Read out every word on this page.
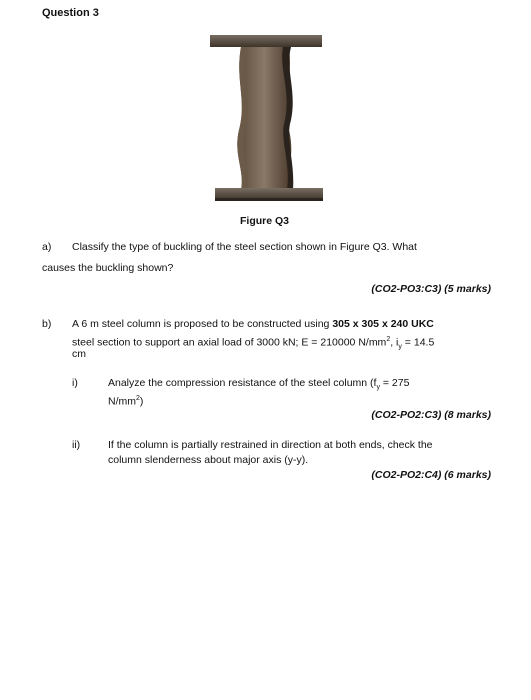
Question 3
Figure Q3
a) Classify the type of buckling of the steel section shown in Figure Q3. What
causes the buckling shown?
(CO2-PO3:C3) (5 marks)
b) A 6 m steel column is proposed to be constructed using 305 x 305 x 240 UKC
steel section to support an axial load of 3000 kN; E = 210000 $N/mm^2$, $i_y = 14.5$
cm
i)	Analyze the compression resistance of the steel column ($f_y = 275$
$N/mm^2$)
(CO2-PO2:C3) (8 marks)
ii)	If the column is partially restrained in direction at both ends, check the
column slenderness about major axis (y-y).
(CO2-PO2:C4) (6 marks)
